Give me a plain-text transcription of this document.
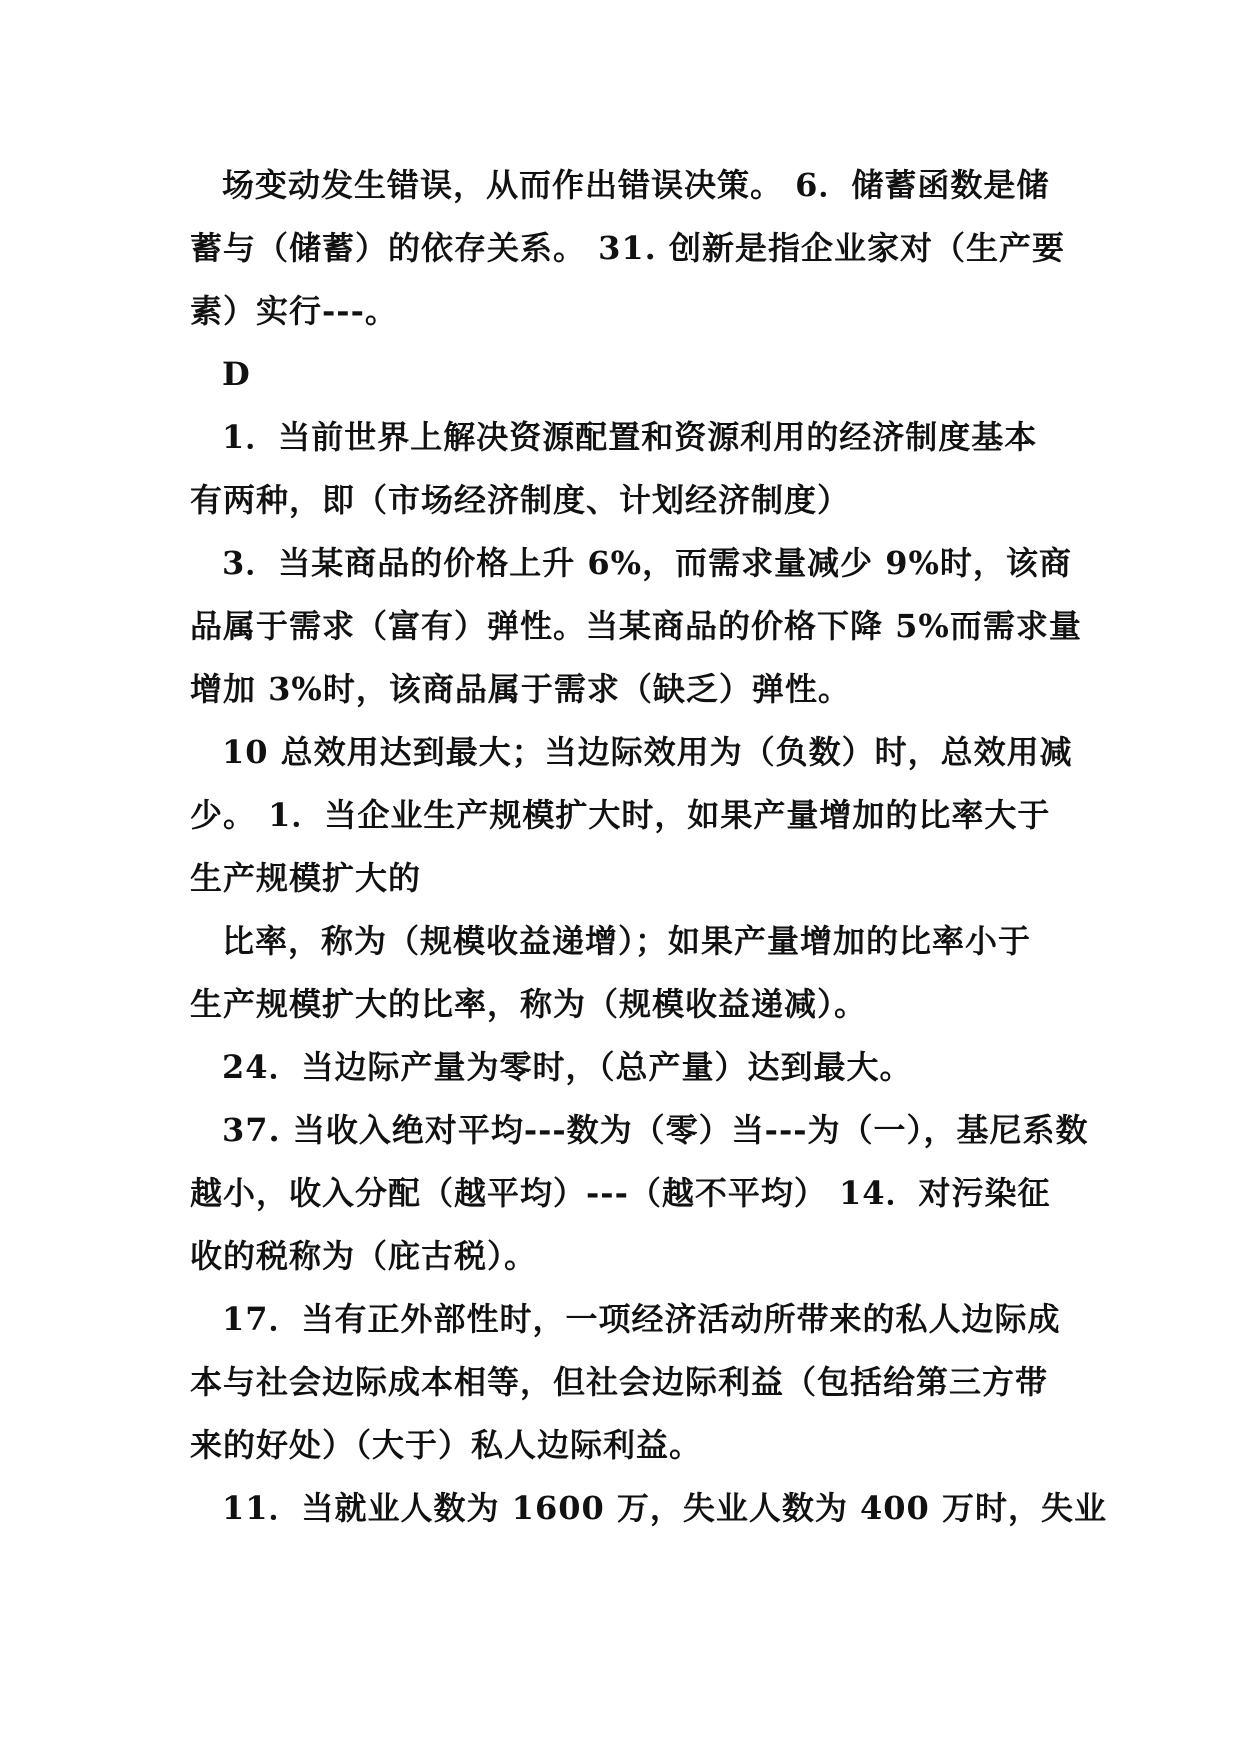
场变动发生错误，从而作出错误决策。 6．储蓄函数是储
蓄与（储蓄）的依存关系。 31. 创新是指企业家对（生产要
素）实行---。
D
1．当前世界上解决资源配置和资源利用的经济制度基本
有两种，即（市场经济制度、计划经济制度）
3．当某商品的价格上升 6%，而需求量减少 9%时，该商
品属于需求（富有）弹性。当某商品的价格下降 5%而需求量
增加 3%时，该商品属于需求（缺乏）弹性。
10 总效用达到最大；当边际效用为（负数）时，总效用减
少。 1．当企业生产规模扩大时，如果产量增加的比率大于
生产规模扩大的
比率，称为（规模收益递增）；如果产量增加的比率小于
生产规模扩大的比率，称为（规模收益递减）。
24．当边际产量为零时，（总产量）达到最大。
37. 当收入绝对平均---数为（零）当---为（一），基尼系数
越小，收入分配（越平均）---（越不平均） 14．对污染征
收的税称为（庇古税）。
17．当有正外部性时，一项经济活动所带来的私人边际成
本与社会边际成本相等，但社会边际利益（包括给第三方带
来的好处）（大于）私人边际利益。
11．当就业人数为 1600 万，失业人数为 400 万时，失业
